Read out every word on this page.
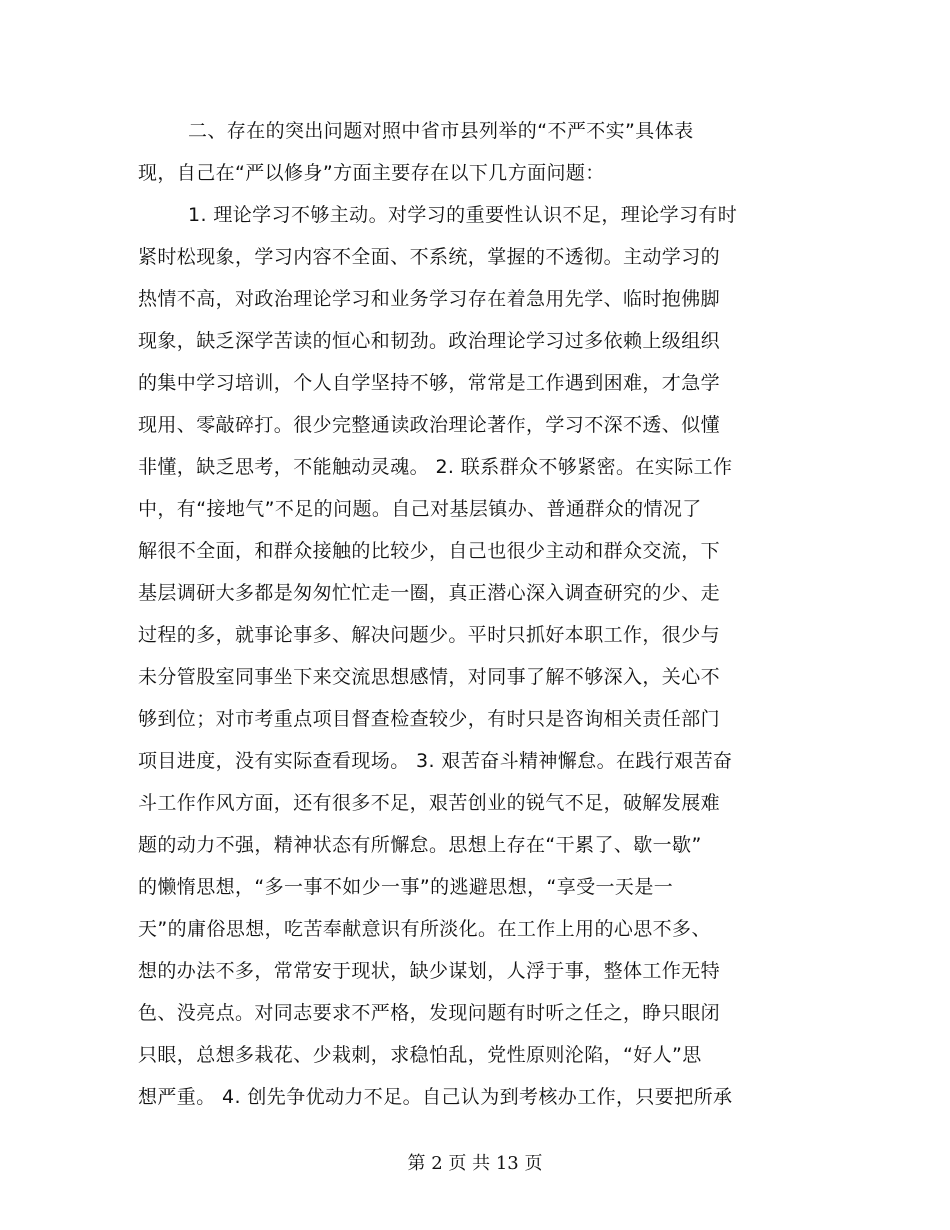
二、存在的突出问题对照中省市县列举的“不严不实”具体表
现，自己在“严以修身”方面主要存在以下几方面问题：
1. 理论学习不够主动。对学习的重要性认识不足，理论学习有时
紧时松现象，学习内容不全面、不系统，掌握的不透彻。主动学习的
热情不高，对政治理论学习和业务学习存在着急用先学、临时抱佛脚
现象，缺乏深学苦读的恒心和韧劲。政治理论学习过多依赖上级组织
的集中学习培训，个人自学坚持不够，常常是工作遇到困难，才急学
现用、零敲碎打。很少完整通读政治理论著作，学习不深不透、似懂
非懂，缺乏思考，不能触动灵魂。 2. 联系群众不够紧密。在实际工作
中，有“接地气”不足的问题。自己对基层镇办、普通群众的情况了
解很不全面，和群众接触的比较少，自己也很少主动和群众交流，下
基层调研大多都是匆匆忙忙走一圈，真正潜心深入调查研究的少、走
过程的多，就事论事多、解决问题少。平时只抓好本职工作，很少与
未分管股室同事坐下来交流思想感情，对同事了解不够深入，关心不
够到位；对市考重点项目督查检查较少，有时只是咨询相关责任部门
项目进度，没有实际查看现场。 3. 艰苦奋斗精神懈怠。在践行艰苦奋
斗工作作风方面，还有很多不足，艰苦创业的锐气不足，破解发展难
题的动力不强，精神状态有所懈怠。思想上存在“干累了、歇一歇”
的懒惰思想，“多一事不如少一事”的逃避思想，“享受一天是一
天”的庸俗思想，吃苦奉献意识有所淡化。在工作上用的心思不多、
想的办法不多，常常安于现状，缺少谋划，人浮于事，整体工作无特
色、没亮点。对同志要求不严格，发现问题有时听之任之，睁只眼闭
只眼，总想多栽花、少栽刺，求稳怕乱，党性原则沦陷，“好人”思
想严重。 4. 创先争优动力不足。自己认为到考核办工作，只要把所承
第 2 页 共 13 页
